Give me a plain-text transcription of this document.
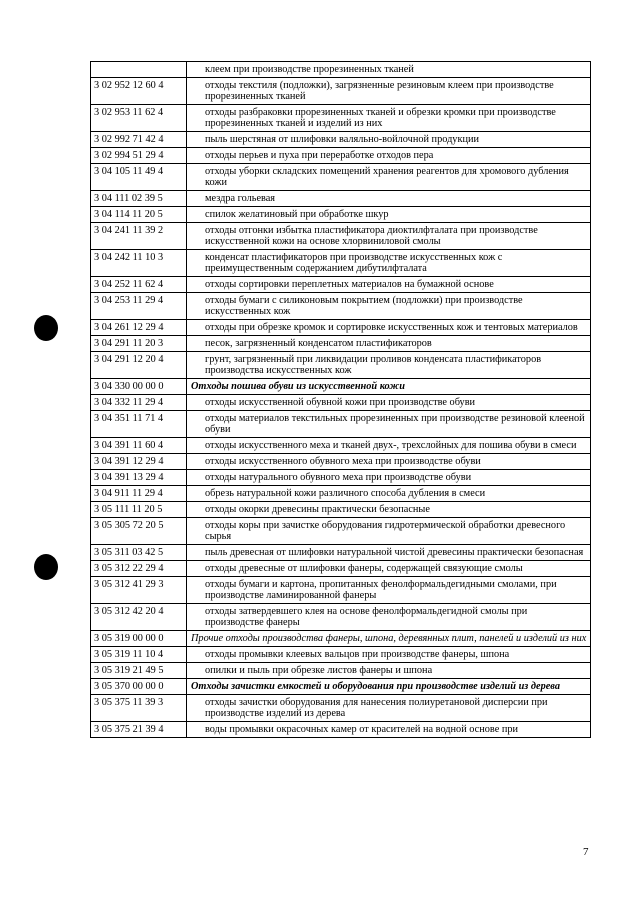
	клеем при производстве прорезиненных тканей
3 02 952 12 60 4	отходы текстиля (подложки), загрязненные резиновым клеем при производстве прорезиненных тканей
3 02 953 11 62 4	отходы разбраковки прорезиненных тканей и обрезки кромки при производстве прорезиненных тканей и изделий из них
3 02 992 71 42 4	пыль шерстяная от шлифовки валяльно-войлочной продукции
3 02 994 51 29 4	отходы перьев и пуха при переработке отходов пера
3 04 105 11 49 4	отходы уборки складских помещений хранения реагентов для хромового дубления кожи
3 04 111 02 39 5	мездра гольевая
3 04 114 11 20 5	спилок желатиновый при обработке шкур
3 04 241 11 39 2	отходы отгонки избытка пластификатора диоктилфталата при производстве искусственной кожи на основе хлорвиниловой смолы
3 04 242 11 10 3	конденсат пластификаторов при производстве искусственных кож с преимущественным содержанием дибутилфталата
3 04 252 11 62 4	отходы сортировки переплетных материалов на бумажной основе
3 04 253 11 29 4	отходы бумаги с силиконовым покрытием (подложки) при производстве искусственных кож
3 04 261 12 29 4	отходы при обрезке кромок и сортировке искусственных кож и тентовых материалов
3 04 291 11 20 3	песок, загрязненный конденсатом пластификаторов
3 04 291 12 20 4	грунт, загрязненный при ликвидации проливов конденсата пластификаторов производства искусственных кож
3 04 330 00 00 0	Отходы пошива обуви из искусственной кожи
3 04 332 11 29 4	отходы искусственной обувной кожи при производстве обуви
3 04 351 11 71 4	отходы материалов текстильных прорезиненных при производстве резиновой клееной обуви
3 04 391 11 60 4	отходы искусственного меха и тканей двух-, трехслойных для пошива обуви в смеси
3 04 391 12 29 4	отходы искусственного обувного меха при производстве обуви
3 04 391 13 29 4	отходы натурального обувного меха при производстве обуви
3 04 911 11 29 4	обрезь натуральной кожи различного способа дубления в смеси
3 05 111 11 20 5	отходы окорки древесины практически безопасные
3 05 305 72 20 5	отходы коры при зачистке оборудования гидротермической обработки древесного сырья
3 05 311 03 42 5	пыль древесная от шлифовки натуральной чистой древесины практически безопасная
3 05 312 22 29 4	отходы древесные от шлифовки фанеры, содержащей связующие смолы
3 05 312 41 29 3	отходы бумаги и картона, пропитанных фенолформальдегидными смолами, при производстве ламинированной фанеры
3 05 312 42 20 4	отходы затвердевшего клея на основе фенолформальдегидной смолы при производстве фанеры
3 05 319 00 00 0	Прочие отходы производства фанеры, шпона, деревянных плит, панелей и изделий из них
3 05 319 11 10 4	отходы промывки клеевых вальцов при производстве фанеры, шпона
3 05 319 21 49 5	опилки и пыль при обрезке листов фанеры и шпона
3 05 370 00 00 0	Отходы зачистки емкостей и оборудования при производстве изделий из дерева
3 05 375 11 39 3	отходы зачистки оборудования для нанесения полиуретановой дисперсии при производстве изделий из дерева
3 05 375 21 39 4	воды промывки окрасочных камер от красителей на водной основе при
7
